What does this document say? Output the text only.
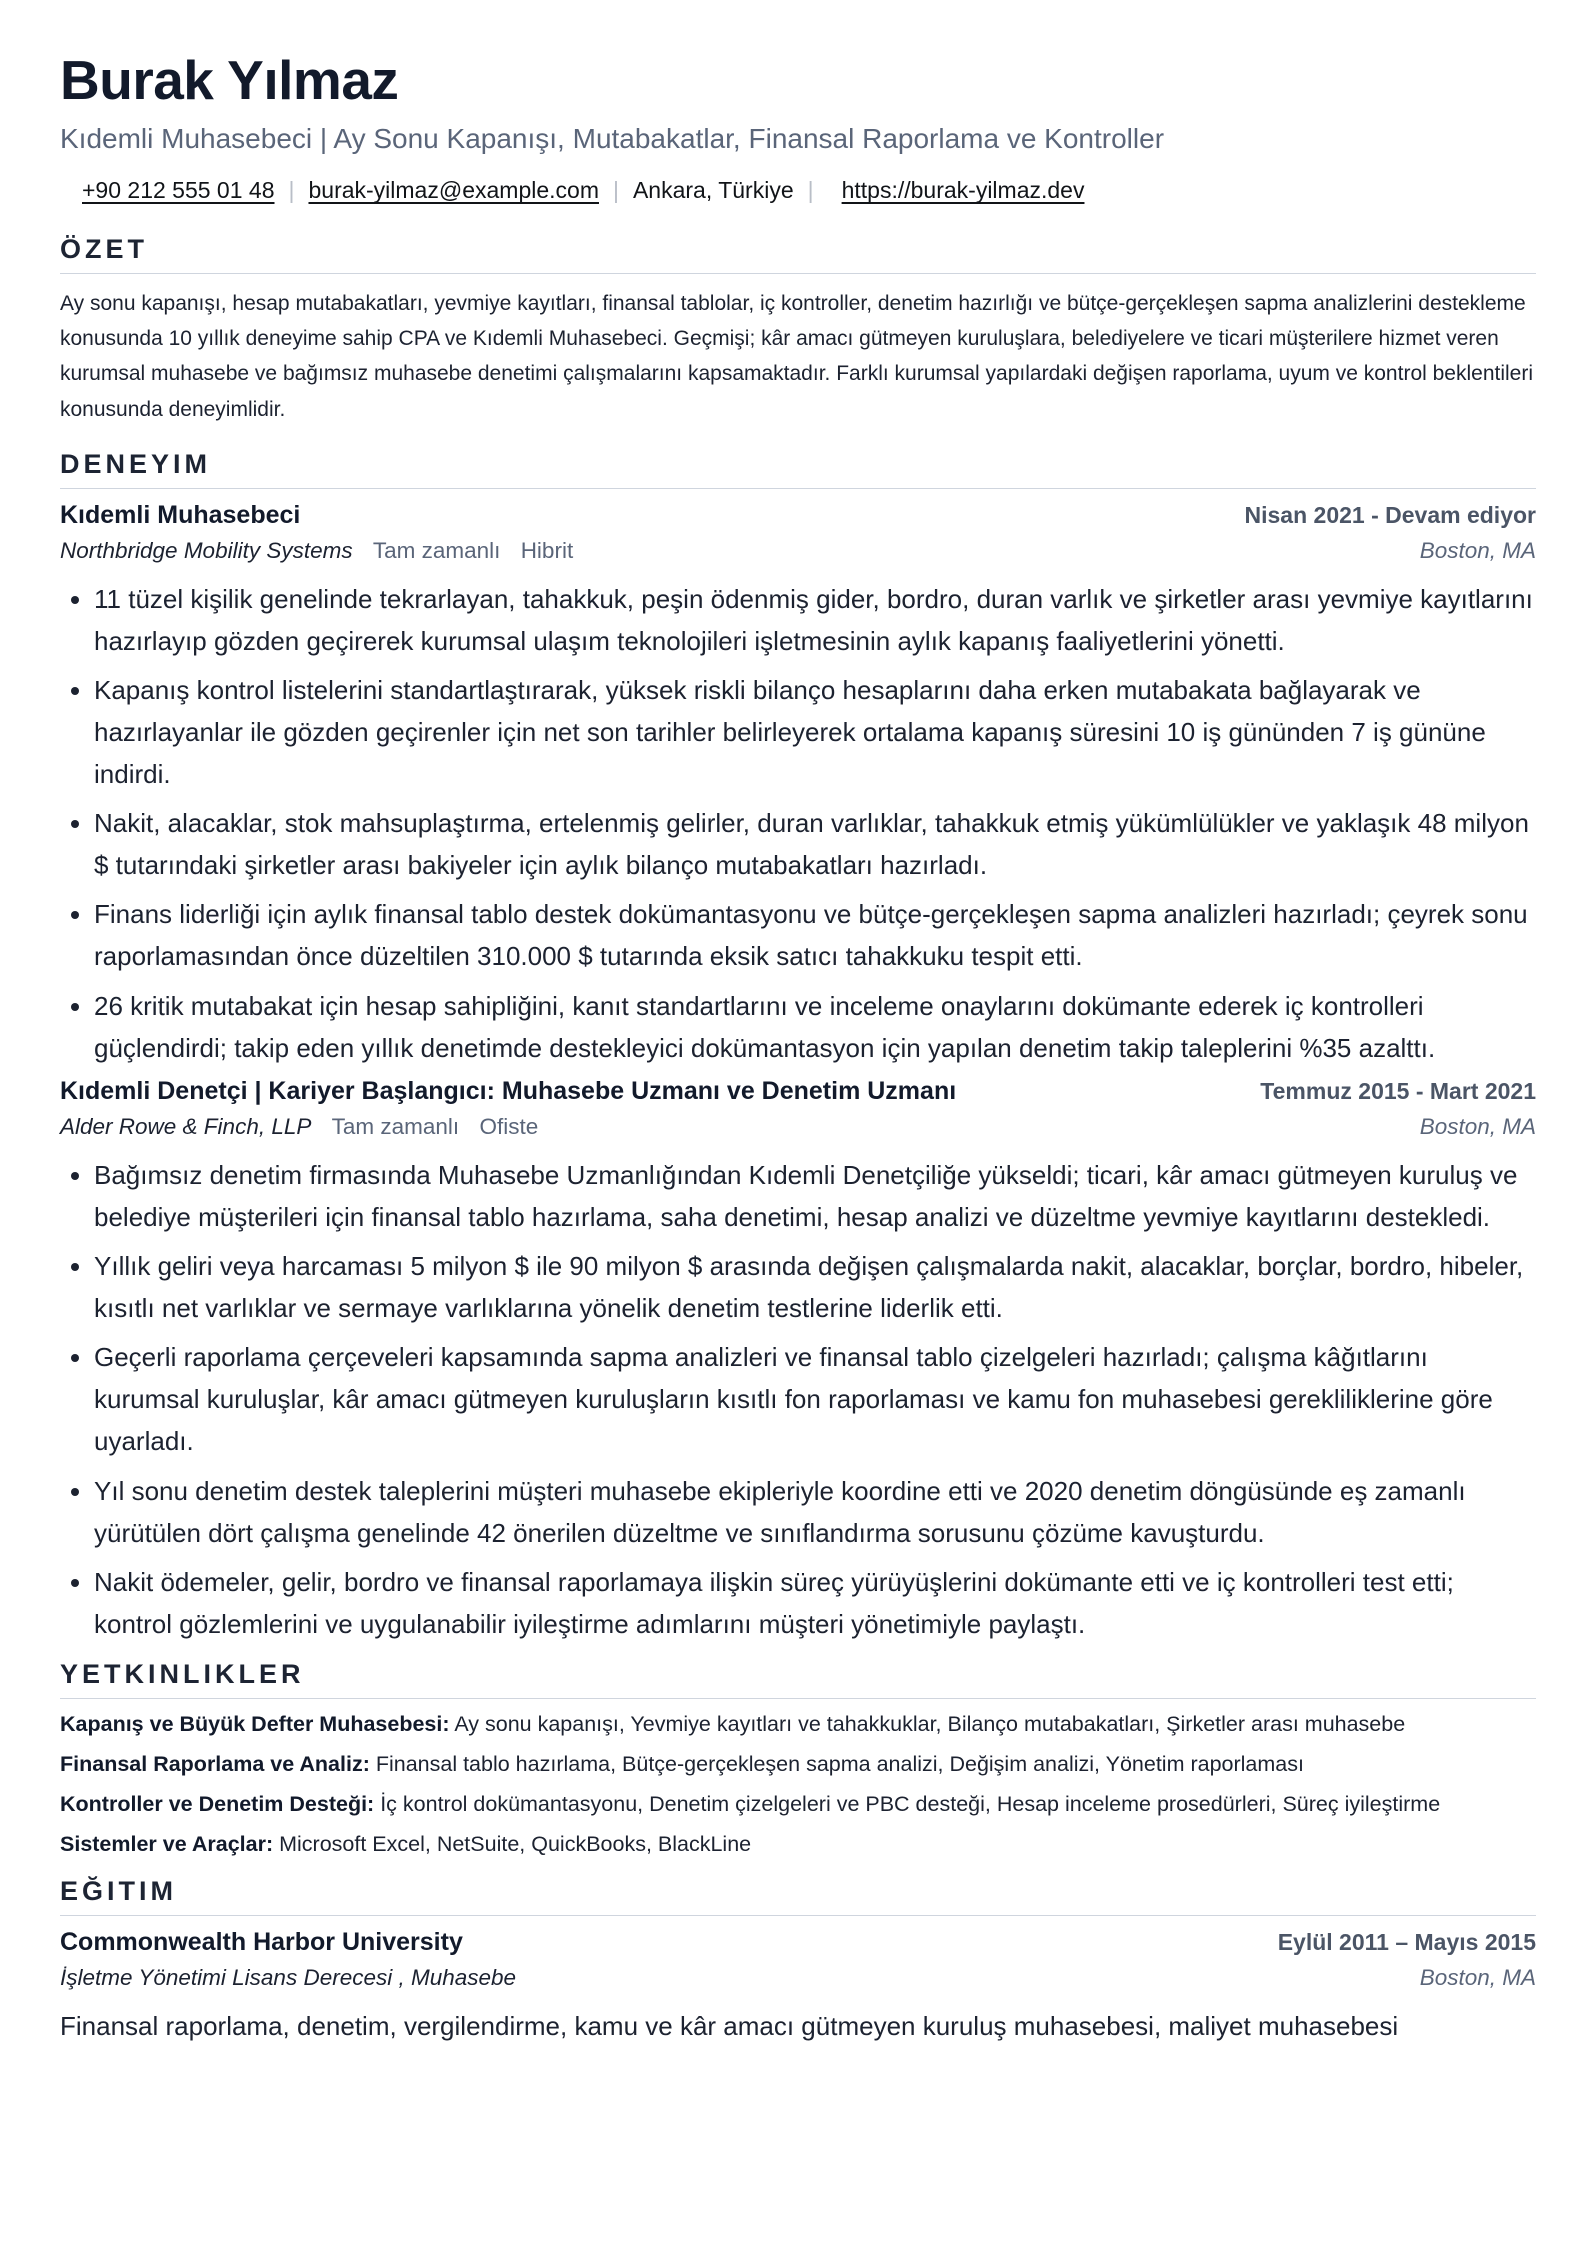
Burak Yılmaz
Kıdemli Muhasebeci | Ay Sonu Kapanışı, Mutabakatlar, Finansal Raporlama ve Kontroller
+90 212 555 01 48 | burak-yilmaz@example.com | Ankara, Türkiye | https://burak-yilmaz.dev
ÖZET
Ay sonu kapanışı, hesap mutabakatları, yevmiye kayıtları, finansal tablolar, iç kontroller, denetim hazırlığı ve bütçe-gerçekleşen sapma analizlerini destekleme konusunda 10 yıllık deneyime sahip CPA ve Kıdemli Muhasebeci. Geçmişi; kâr amacı gütmeyen kuruluşlara, belediyelere ve ticari müşterilere hizmet veren kurumsal muhasebe ve bağımsız muhasebe denetimi çalışmalarını kapsamaktadır. Farklı kurumsal yapılardaki değişen raporlama, uyum ve kontrol beklentileri konusunda deneyimlidir.
DENEYIM
Kıdemli Muhasebeci	Nisan 2021 - Devam ediyor
Northbridge Mobility Systems Tam zamanlı Hibrit	Boston, MA
• 11 tüzel kişilik genelinde tekrarlayan, tahakkuk, peşin ödenmiş gider, bordro, duran varlık ve şirketler arası yevmiye kayıtlarını hazırlayıp gözden geçirerek kurumsal ulaşım teknolojileri işletmesinin aylık kapanış faaliyetlerini yönetti.
• Kapanış kontrol listelerini standartlaştırarak, yüksek riskli bilanço hesaplarını daha erken mutabakata bağlayarak ve hazırlayanlar ile gözden geçirenler için net son tarihler belirleyerek ortalama kapanış süresini 10 iş gününden 7 iş gününe indirdi.
• Nakit, alacaklar, stok mahsuplaştırma, ertelenmiş gelirler, duran varlıklar, tahakkuk etmiş yükümlülükler ve yaklaşık 48 milyon $ tutarındaki şirketler arası bakiyeler için aylık bilanço mutabakatları hazırladı.
• Finans liderliği için aylık finansal tablo destek dokümantasyonu ve bütçe-gerçekleşen sapma analizleri hazırladı; çeyrek sonu raporlamasından önce düzeltilen 310.000 $ tutarında eksik satıcı tahakkuku tespit etti.
• 26 kritik mutabakat için hesap sahipliğini, kanıt standartlarını ve inceleme onaylarını dokümante ederek iç kontrolleri güçlendirdi; takip eden yıllık denetimde destekleyici dokümantasyon için yapılan denetim takip taleplerini %35 azalttı.
Kıdemli Denetçi | Kariyer Başlangıcı: Muhasebe Uzmanı ve Denetim Uzmanı	Temmuz 2015 - Mart 2021
Alder Rowe & Finch, LLP Tam zamanlı Ofiste	Boston, MA
• Bağımsız denetim firmasında Muhasebe Uzmanlığından Kıdemli Denetçiliğe yükseldi; ticari, kâr amacı gütmeyen kuruluş ve belediye müşterileri için finansal tablo hazırlama, saha denetimi, hesap analizi ve düzeltme yevmiye kayıtlarını destekledi.
• Yıllık geliri veya harcaması 5 milyon $ ile 90 milyon $ arasında değişen çalışmalarda nakit, alacaklar, borçlar, bordro, hibeler, kısıtlı net varlıklar ve sermaye varlıklarına yönelik denetim testlerine liderlik etti.
• Geçerli raporlama çerçeveleri kapsamında sapma analizleri ve finansal tablo çizelgeleri hazırladı; çalışma kâğıtlarını kurumsal kuruluşlar, kâr amacı gütmeyen kuruluşların kısıtlı fon raporlaması ve kamu fon muhasebesi gerekliliklerine göre uyarladı.
• Yıl sonu denetim destek taleplerini müşteri muhasebe ekipleriyle koordine etti ve 2020 denetim döngüsünde eş zamanlı yürütülen dört çalışma genelinde 42 önerilen düzeltme ve sınıflandırma sorusunu çözüme kavuşturdu.
• Nakit ödemeler, gelir, bordro ve finansal raporlamaya ilişkin süreç yürüyüşlerini dokümante etti ve iç kontrolleri test etti; kontrol gözlemlerini ve uygulanabilir iyileştirme adımlarını müşteri yönetimiyle paylaştı.
YETKINLIKLER
Kapanış ve Büyük Defter Muhasebesi: Ay sonu kapanışı, Yevmiye kayıtları ve tahakkuklar, Bilanço mutabakatları, Şirketler arası muhasebe
Finansal Raporlama ve Analiz: Finansal tablo hazırlama, Bütçe-gerçekleşen sapma analizi, Değişim analizi, Yönetim raporlaması
Kontroller ve Denetim Desteği: İç kontrol dokümantasyonu, Denetim çizelgeleri ve PBC desteği, Hesap inceleme prosedürleri, Süreç iyileştirme
Sistemler ve Araçlar: Microsoft Excel, NetSuite, QuickBooks, BlackLine
EĞITIM
Commonwealth Harbor University	Eylül 2011 – Mayıs 2015
İşletme Yönetimi Lisans Derecesi , Muhasebe	Boston, MA
Finansal raporlama, denetim, vergilendirme, kamu ve kâr amacı gütmeyen kuruluş muhasebesi, maliyet muhasebesi
